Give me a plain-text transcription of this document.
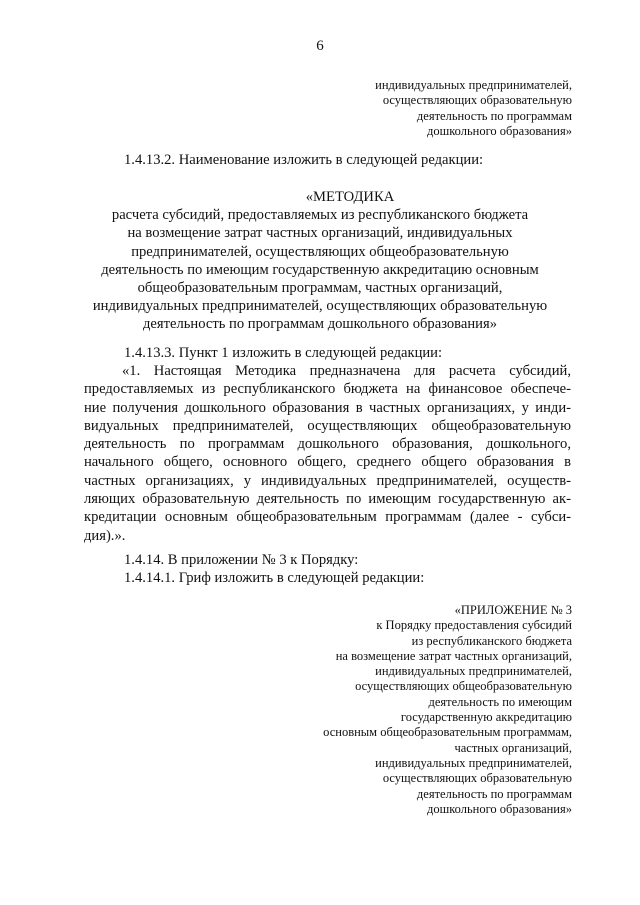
6
индивидуальных предпринимателей,
осуществляющих образовательную
деятельность по программам
дошкольного образования»
1.4.13.2. Наименование изложить в следующей редакции:
«МЕТОДИКА
расчета субсидий, предоставляемых из республиканского бюджета
на возмещение затрат частных организаций, индивидуальных
предпринимателей, осуществляющих общеобразовательную
деятельность по имеющим государственную аккредитацию основным
общеобразовательным программам, частных организаций,
индивидуальных предпринимателей, осуществляющих образовательную
деятельность по программам дошкольного образования»
1.4.13.3. Пункт 1 изложить в следующей редакции:
«1. Настоящая Методика предназначена для расчета субсидий,
предоставляемых из республиканского бюджета на финансовое обеспече-
ние получения дошкольного образования в частных организациях, у инди-
видуальных предпринимателей, осуществляющих общеобразовательную
деятельность по программам дошкольного образования, дошкольного,
начального общего, основного общего, среднего общего образования в
частных организациях, у индивидуальных предпринимателей, осуществ-
ляющих образовательную деятельность по имеющим государственную ак-
кредитации основным общеобразовательным программам (далее - субси-
дия).».
1.4.14. В приложении № 3 к Порядку:
1.4.14.1. Гриф изложить в следующей редакции:
«ПРИЛОЖЕНИЕ № 3
к Порядку предоставления субсидий
из республиканского бюджета
на возмещение затрат частных организаций,
индивидуальных предпринимателей,
осуществляющих общеобразовательную
деятельность по имеющим
государственную аккредитацию
основным общеобразовательным программам,
частных организаций,
индивидуальных предпринимателей,
осуществляющих образовательную
деятельность по программам
дошкольного образования»
